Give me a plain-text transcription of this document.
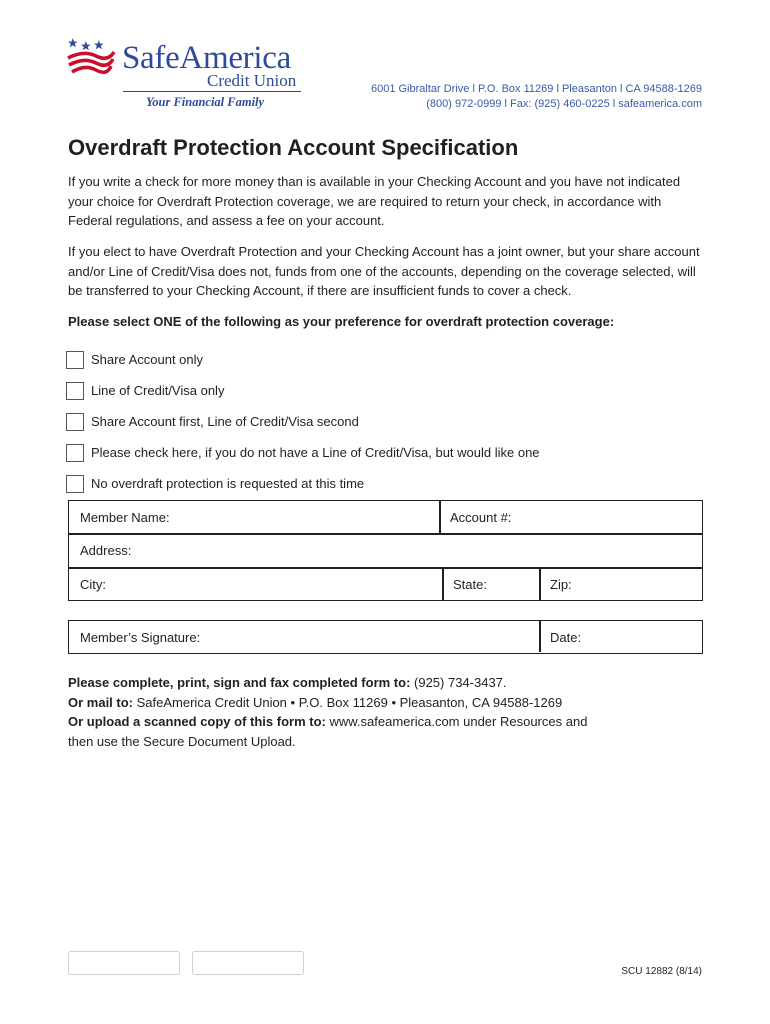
SafeAmerica
Credit Union
Your Financial Family
6001 Gibraltar Drive l P.O. Box 11269 l Pleasanton l CA 94588-1269
(800) 972-0999 l Fax: (925) 460-0225 l safeamerica.com
Overdraft Protection Account Specification
If you write a check for more money than is available in your Checking Account and you have not indicated your choice for Overdraft Protection coverage, we are required to return your check, in accordance with Federal regulations, and assess a fee on your account.
If you elect to have Overdraft Protection and your Checking Account has a joint owner, but your share account and/or Line of Credit/Visa does not, funds from one of the accounts, depending on the coverage selected, will be transferred to your Checking Account, if there are insufficient funds to cover a check.
Please select ONE of the following as your preference for overdraft protection coverage:
Share Account only
Line of Credit/Visa only
Share Account first, Line of Credit/Visa second
Please check here, if you do not have a Line of Credit/Visa, but would like one
No overdraft protection is requested at this time
Member Name:	Account #:
Address:
City:	State:	Zip:
Member’s Signature:	Date:
Please complete, print, sign and fax completed form to: (925) 734-3437.
Or mail to: SafeAmerica Credit Union • P.O. Box 11269 • Pleasanton, CA 94588-1269
Or upload a scanned copy of this form to: www.safeamerica.com under Resources and
then use the Secure Document Upload.
SCU 12882 (8/14)
